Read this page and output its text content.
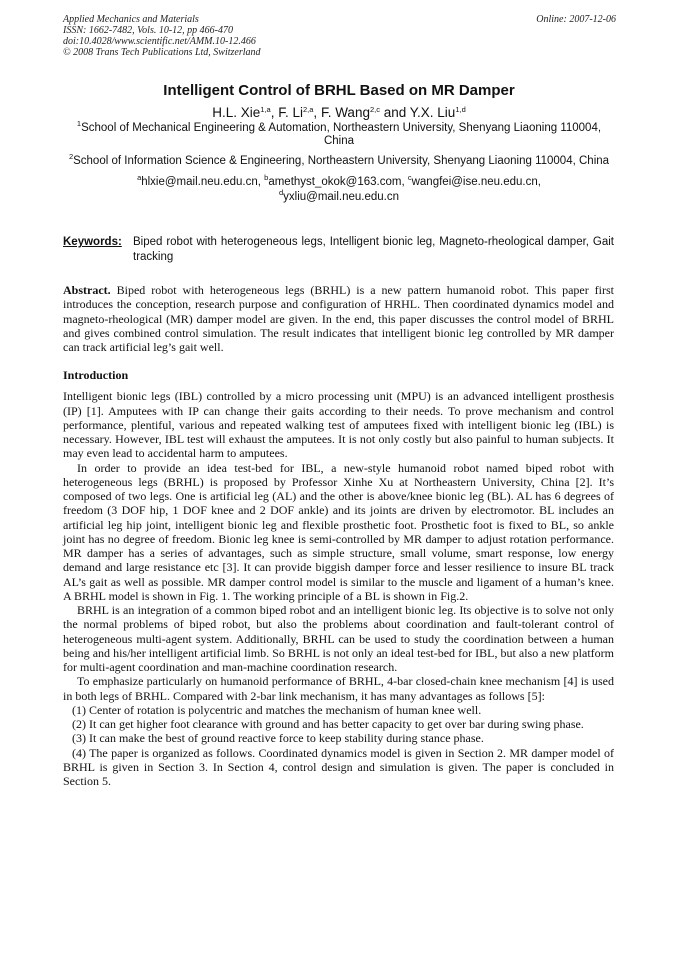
Applied Mechanics and Materials
ISSN: 1662-7482, Vols. 10-12, pp 466-470
doi:10.4028/www.scientific.net/AMM.10-12.466
© 2008 Trans Tech Publications Ltd, Switzerland
Online: 2007-12-06
Intelligent Control of BRHL Based on MR Damper
H.L. Xie$^{1,a}$, F. Li$^{2,a}$, F. Wang$^{2,c}$ and Y.X. Liu$^{1,d}$
$^1$School of Mechanical Engineering & Automation, Northeastern University, Shenyang Liaoning 110004, China
$^2$School of Information Science & Engineering, Northeastern University, Shenyang Liaoning 110004, China
$^a$hlxie@mail.neu.edu.cn, $^b$amethyst_okok@163.com, $^c$wangfei@ise.neu.edu.cn,
$^d$yxliu@mail.neu.edu.cn
Keywords: Biped robot with heterogeneous legs, Intelligent bionic leg, Magneto-rheological damper, Gait tracking

Abstract. Biped robot with heterogeneous legs (BRHL) is a new pattern humanoid robot. This paper first introduces the conception, research purpose and configuration of HRHL. Then coordinated dynamics model and magneto-rheological (MR) damper model are given. In the end, this paper discusses the control model of BRHL and gives combined control simulation. The result indicates that intelligent bionic leg controlled by MR damper can track artificial leg’s gait well.

Introduction

Intelligent bionic legs (IBL) controlled by a micro processing unit (MPU) is an advanced intelligent prosthesis (IP) [1]. Amputees with IP can change their gaits according to their needs. To prove mechanism and control performance, plentiful, various and repeated walking test of amputees fixed with intelligent bionic leg (IBL) is necessary. However, IBL test will exhaust the amputees. It is not only costly but also painful to human subjects. It may even lead to accidental harm to amputees.

In order to provide an idea test-bed for IBL, a new-style humanoid robot named biped robot with heterogeneous legs (BRHL) is proposed by Professor Xinhe Xu at Northeastern University, China [2]. It’s composed of two legs. One is artificial leg (AL) and the other is above/knee bionic leg (BL). AL has 6 degrees of freedom (3 DOF hip, 1 DOF knee and 2 DOF ankle) and its joints are driven by electromotor. BL includes an artificial leg hip joint, intelligent bionic leg and flexible prosthetic foot. Prosthetic foot is fixed to BL, so ankle joint has no degree of freedom. Bionic leg knee is semi-controlled by MR damper to adjust rotation performance. MR damper has a series of advantages, such as simple structure, small volume, smart response, low energy demand and large resistance etc [3]. It can provide biggish damper force and lesser resilience to insure BL track AL’s gait as well as possible. MR damper control model is similar to the muscle and ligament of a human’s knee. A BRHL model is shown in Fig. 1. The working principle of a BL is shown in Fig.2.

BRHL is an integration of a common biped robot and an intelligent bionic leg. Its objective is to solve not only the normal problems of biped robot, but also the problems about coordination and fault-tolerant control of heterogeneous multi-agent system. Additionally, BRHL can be used to study the coordination between a human being and his/her intelligent artificial limb. So BRHL is not only an ideal test-bed for IBL, but also a new platform for multi-agent coordination and man-machine coordination research.

To emphasize particularly on humanoid performance of BRHL, 4-bar closed-chain knee mechanism [4] is used in both legs of BRHL. Compared with 2-bar link mechanism, it has many advantages as follows [5]:

(1) Center of rotation is polycentric and matches the mechanism of human knee well.

(2) It can get higher foot clearance with ground and has better capacity to get over bar during swing phase.

(3) It can make the best of ground reactive force to keep stability during stance phase.

(4) The paper is organized as follows. Coordinated dynamics model is given in Section 2. MR damper model of BRHL is given in Section 3. In Section 4, control design and simulation is given. The paper is concluded in Section 5.
